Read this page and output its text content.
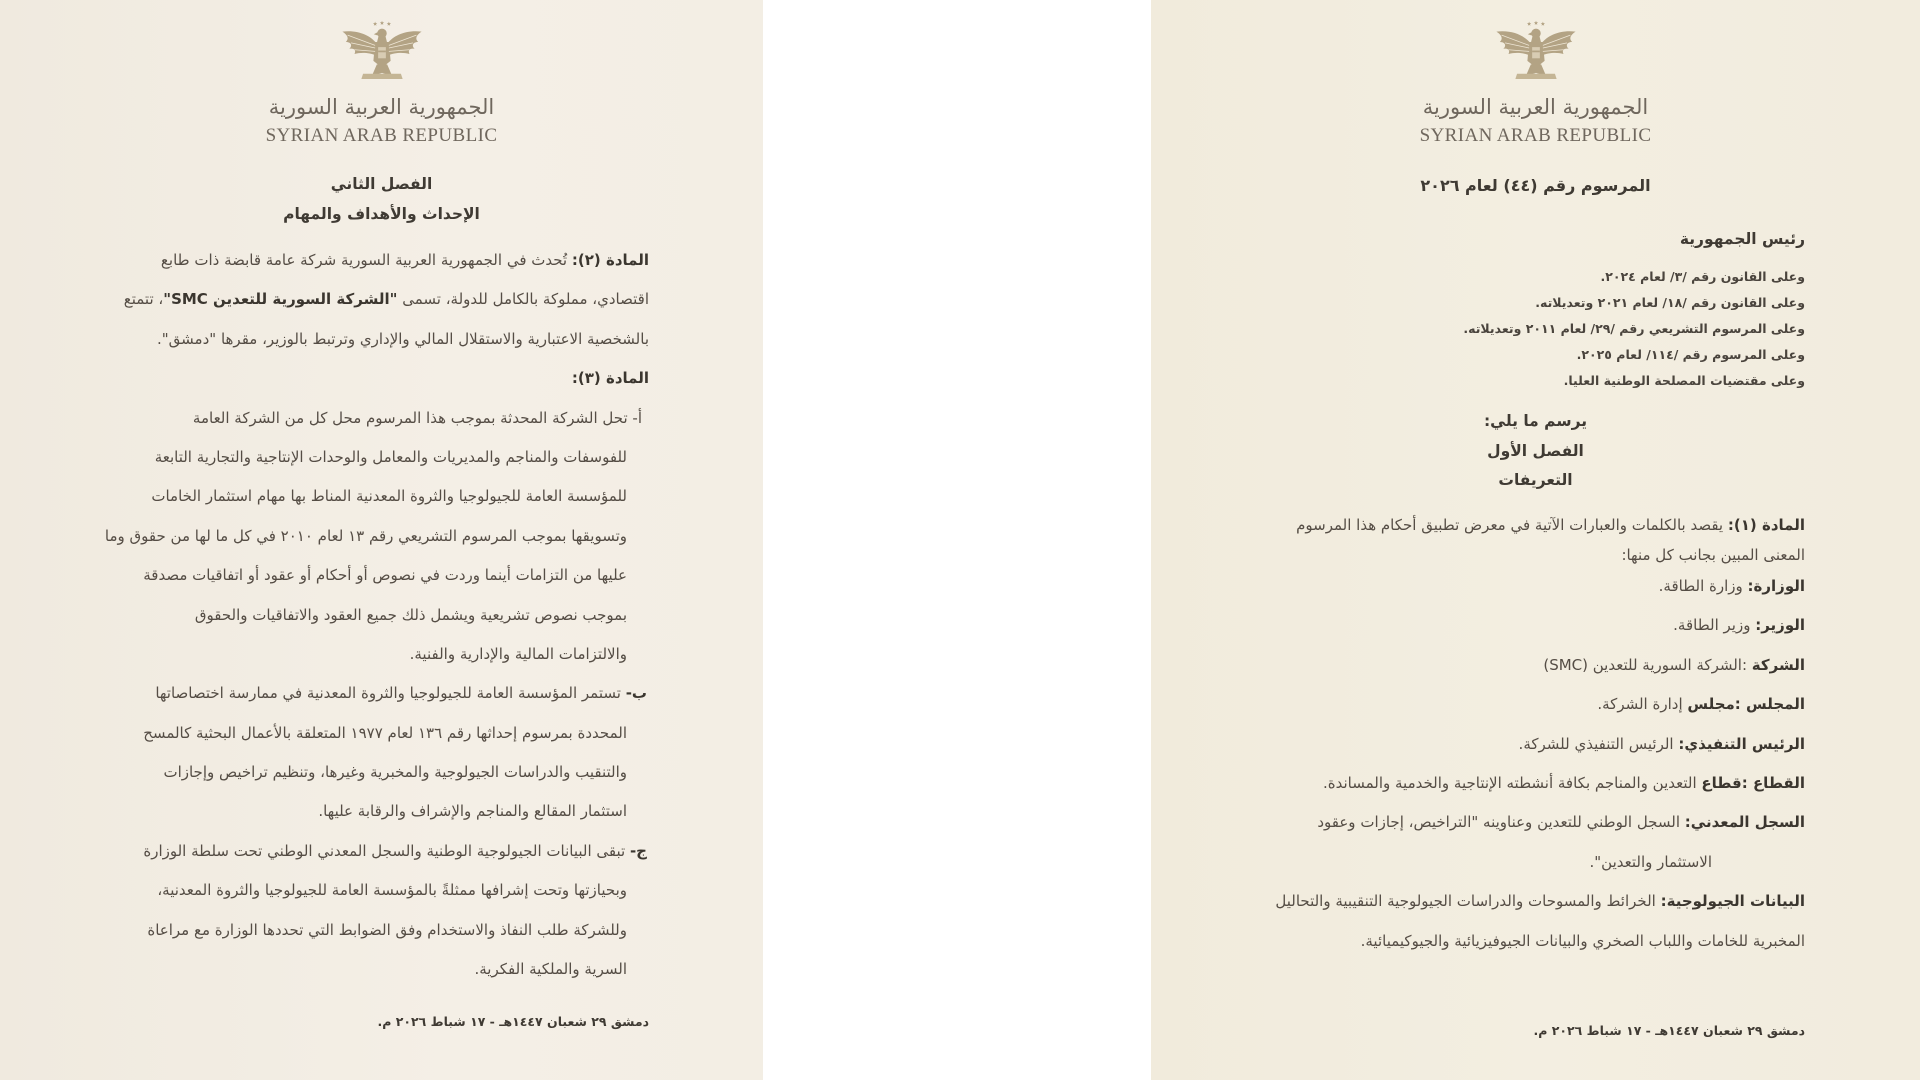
الجمهورية العربية السورية
SYRIAN ARAB REPUBLIC
الفصل الثاني
الإحداث والأهداف والمهام
المادة (٢): تُحدث في الجمهورية العربية السورية شركة عامة قابضة ذات طابع
اقتصادي، مملوكة بالكامل للدولة، تسمى "الشركة السورية للتعدين SMC"، تتمتع
بالشخصية الاعتبارية والاستقلال المالي والإداري وترتبط بالوزير، مقرها "دمشق".
المادة (٣):
أ- تحل الشركة المحدثة بموجب هذا المرسوم محل كل من الشركة العامة
للفوسفات والمناجم والمديريات والمعامل والوحدات الإنتاجية والتجارية التابعة
للمؤسسة العامة للجيولوجيا والثروة المعدنية المناط بها مهام استثمار الخامات
وتسويقها بموجب المرسوم التشريعي رقم ١٣ لعام ٢٠١٠ في كل ما لها من حقوق وما
عليها من التزامات أينما وردت في نصوص أو أحكام أو عقود أو اتفاقيات مصدقة
بموجب نصوص تشريعية ويشمل ذلك جميع العقود والاتفاقيات والحقوق
والالتزامات المالية والإدارية والفنية.
ب- تستمر المؤسسة العامة للجيولوجيا والثروة المعدنية في ممارسة اختصاصاتها
المحددة بمرسوم إحداثها رقم ١٣٦ لعام ١٩٧٧ المتعلقة بالأعمال البحثية كالمسح
والتنقيب والدراسات الجيولوجية والمخبرية وغيرها، وتنظيم تراخيص وإجازات
استثمار المقالع والمناجم والإشراف والرقابة عليها.
ج- تبقى البيانات الجيولوجية الوطنية والسجل المعدني الوطني تحت سلطة الوزارة
وبحيازتها وتحت إشرافها ممثلةً بالمؤسسة العامة للجيولوجيا والثروة المعدنية،
وللشركة طلب النفاذ والاستخدام وفق الضوابط التي تحددها الوزارة مع مراعاة
السرية والملكية الفكرية.
دمشق ٢٩ شعبان ١٤٤٧هـ - ١٧ شباط ٢٠٢٦ م.
الجمهورية العربية السورية
SYRIAN ARAB REPUBLIC
المرسوم رقم (٤٤) لعام ٢٠٢٦
رئيس الجمهورية
وعلى القانون رقم /٣/ لعام ٢٠٢٤.
وعلى القانون رقم /١٨/ لعام ٢٠٢١ وتعديلاته.
وعلى المرسوم التشريعي رقم /٢٩/ لعام ٢٠١١ وتعديلاته.
وعلى المرسوم رقم /١١٤/ لعام ٢٠٢٥.
وعلى مقتضيات المصلحة الوطنية العليا.
يرسم ما يلي:
الفصل الأول
التعريفات
المادة (١): يقصد بالكلمات والعبارات الآتية في معرض تطبيق أحكام هذا المرسوم
المعنى المبين بجانب كل منها:
الوزارة: وزارة الطاقة.
الوزير: وزير الطاقة.
الشركة :الشركة السورية للتعدين (SMC)
المجلس :مجلس إدارة الشركة.
الرئيس التنفيذي: الرئيس التنفيذي للشركة.
القطاع :قطاع التعدين والمناجم بكافة أنشطته الإنتاجية والخدمية والمساندة.
السجل المعدني: السجل الوطني للتعدين وعناوينه "التراخيص، إجازات وعقود
الاستثمار والتعدين".
البيانات الجيولوجية: الخرائط والمسوحات والدراسات الجيولوجية التنقيبية والتحاليل
المخبرية للخامات واللباب الصخري والبيانات الجيوفيزيائية والجيوكيميائية.
دمشق ٢٩ شعبان ١٤٤٧هـ - ١٧ شباط ٢٠٢٦ م.
